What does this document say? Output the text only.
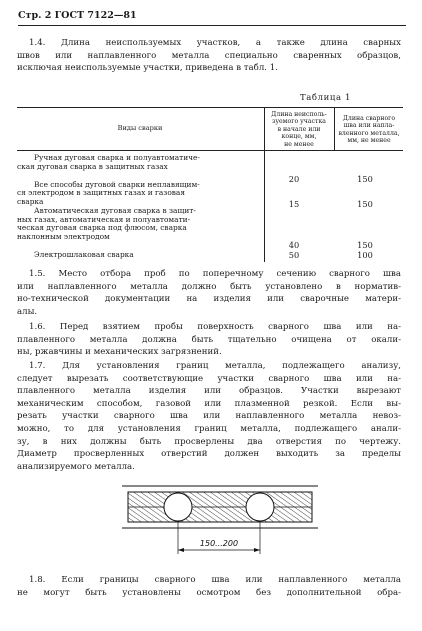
Стр. 2 ГОСТ 7122—81

1.4. Длина неиспользуемых участков, а также длина сварных
швов или наплавленного металла специально сваренных образцов,
исключая неиспользуемые участки, приведена в табл. 1.

Таблица 1
Виды сварки
Длина неисполь-
зуемого участка
в начале или
конце, мм,
не менее
Длина сварного
шва или напла-
вленного металла,
мм, не менее
Ручная дуговая сварка и полуавтоматиче-
ская дуговая сварка в защитных газах
20	150
Все способы дуговой сварки неплавящим-
ся электродом в защитных газах и газовая
сварка	15	150
Автоматическая дуговая сварка в защит-
ных газах, автоматическая и полуавтомати-
ческая дуговая сварка под флюсом, сварка
наклонным электродом
40	150
Электрошлаковая сварка	50	100

1.5. Место отбора проб по поперечному сечению сварного шва
или наплавленного металла должно быть установлено в норматив-
но-технической документации на изделия или сварочные матери-
алы.

1.6. Перед взятием пробы поверхность сварного шва или на-
плавленного металла должна быть тщательно очищена от окали-
ны, ржавчины и механических загрязнений.

1.7. Для установления границ металла, подлежащего анализу,
следует вырезать соответствующие участки сварного шва или на-
плавленного металла изделия или образцов. Участки вырезают
механическим способом, газовой или плазменной резкой. Если вы-
резать участки сварного шва или наплавленного металла невоз-
можно, то для установления границ металла, подлежащего анали-
зу, в них должны быть просверлены два отверстия по чертежу.
Диаметр просверленных отверстий должен выходить за пределы
анализируемого металла.

150...200

1.8. Если границы сварного шва или наплавленного металла
не могут быть установлены осмотром без дополнительной обра-
